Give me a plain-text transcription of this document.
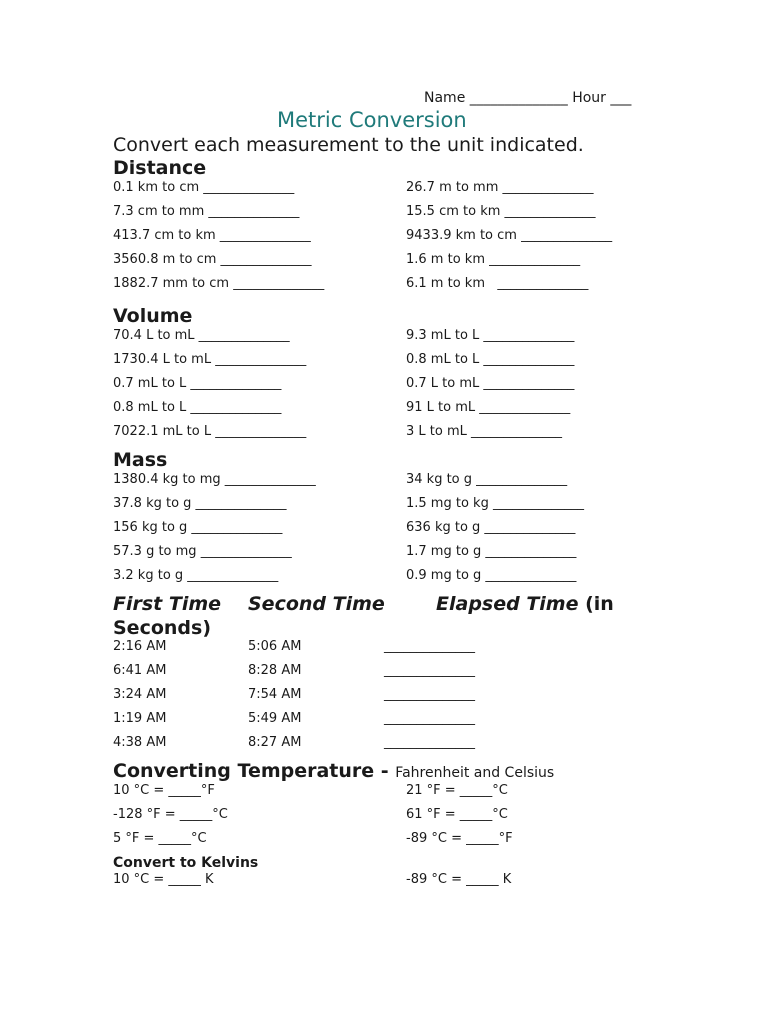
Name ______________ Hour ___
Metric Conversion
Convert each measurement to the unit indicated.
Distance
0.1 km to cm ______________
7.3 cm to mm ______________
413.7 cm to km ______________
3560.8 m to cm ______________
1882.7 mm to cm ______________
26.7 m to mm ______________
15.5 cm to km ______________
9433.9 km to cm ______________
1.6 m to km ______________
6.1 m to km   ______________
Volume
70.4 L to mL ______________
1730.4 L to mL ______________
0.7 mL to L ______________
0.8 mL to L ______________
7022.1 mL to L ______________
9.3 mL to L ______________
0.8 mL to L ______________
0.7 L to mL ______________
91 L to mL ______________
3 L to mL ______________
Mass
1380.4 kg to mg ______________
37.8 kg to g ______________
156 kg to g ______________
57.3 g to mg ______________
3.2 kg to g ______________
34 kg to g ______________
1.5 mg to kg ______________
636 kg to g ______________
1.7 mg to g ______________
0.9 mg to g ______________
First Time Second Time	Elapsed Time (in
Seconds)
2:16 AM	5:06 AM	______________
6:41 AM	8:28 AM	______________
3:24 AM	7:54 AM	______________
1:19 AM	5:49 AM	______________
4:38 AM	8:27 AM	______________
Converting Temperature - Fahrenheit and Celsius
10 °C = _____°F
-128 °F = _____°C
5 °F = _____°C
21 °F = _____°C
61 °F = _____°C
-89 °C = _____°F
Convert to Kelvins
10 °C = _____ K	-89 °C = _____ K
